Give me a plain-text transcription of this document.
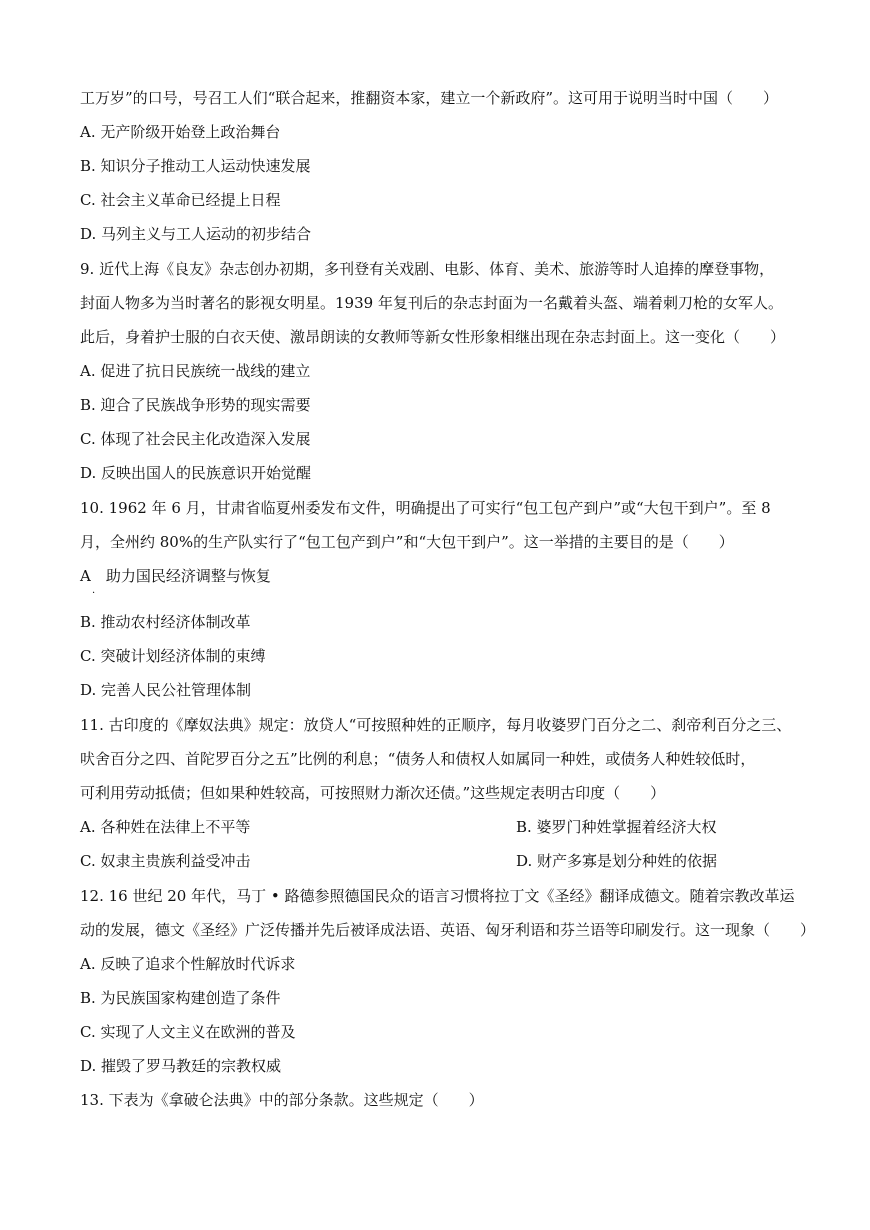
工万岁”的口号，号召工人们“联合起来，推翻资本家，建立一个新政府”。这可用于说明当时中国（　　）
A. 无产阶级开始登上政治舞台
B. 知识分子推动工人运动快速发展
C. 社会主义革命已经提上日程
D. 马列主义与工人运动的初步结合
9. 近代上海《良友》杂志创办初期，多刊登有关戏剧、电影、体育、美术、旅游等时人追捧的摩登事物，
封面人物多为当时著名的影视女明星。1939 年复刊后的杂志封面为一名戴着头盔、端着刺刀枪的女军人。
此后，身着护士服的白衣天使、激昂朗读的女教师等新女性形象相继出现在杂志封面上。这一变化（　　）
A. 促进了抗日民族统一战线的建立
B. 迎合了民族战争形势的现实需要
C. 体现了社会民主化改造深入发展
D. 反映出国人的民族意识开始觉醒
10. 1962 年 6 月，甘肃省临夏州委发布文件，明确提出了可实行“包工包产到户”或“大包干到户”。至 8
月，全州约 80%的生产队实行了“包工包产到户”和“大包干到户”。这一举措的主要目的是（　　）
A　助力国民经济调整与恢复
·
B. 推动农村经济体制改革
C. 突破计划经济体制的束缚
D. 完善人民公社管理体制
11. 古印度的《摩奴法典》规定：放贷人“可按照种姓的正顺序，每月收婆罗门百分之二、刹帝利百分之三、
吠舍百分之四、首陀罗百分之五”比例的利息；“债务人和债权人如属同一种姓，或债务人种姓较低时，
可利用劳动抵债；但如果种姓较高，可按照财力渐次还债。”这些规定表明古印度（　　）
A. 各种姓在法律上不平等	B. 婆罗门种姓掌握着经济大权
C. 奴隶主贵族利益受冲击	D. 财产多寡是划分种姓的依据
12. 16 世纪 20 年代，马丁 • 路德参照德国民众的语言习惯将拉丁文《圣经》翻译成德文。随着宗教改革运
动的发展，德文《圣经》广泛传播并先后被译成法语、英语、匈牙利语和芬兰语等印刷发行。这一现象（　　）
A. 反映了追求个性解放时代诉求
B. 为民族国家构建创造了条件
C. 实现了人文主义在欧洲的普及
D. 摧毁了罗马教廷的宗教权威
13. 下表为《拿破仑法典》中的部分条款。这些规定（　　）
